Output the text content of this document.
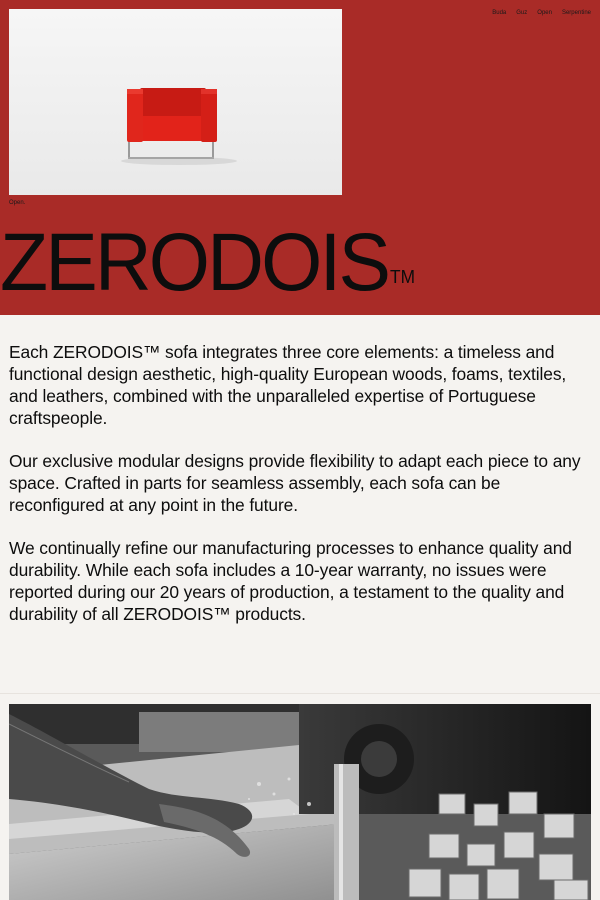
Buda Guz Open Serpentine
Open.
ZERODOIS ™

Each ZERODOIS™ sofa integrates three core elements: a timeless and functional design aesthetic, high-quality European woods, foams, textiles, and leathers, combined with the unparalleled expertise of Portuguese craftspeople.

Our exclusive modular designs provide flexibility to adapt each piece to any space. Crafted in parts for seamless assembly, each sofa can be reconfigured at any point in the future.

We continually refine our manufacturing processes to enhance quality and durability. While each sofa includes a 10-year warranty, no issues were reported during our 20 years of production, a testament to the quality and durability of all ZERODOIS™ products.
